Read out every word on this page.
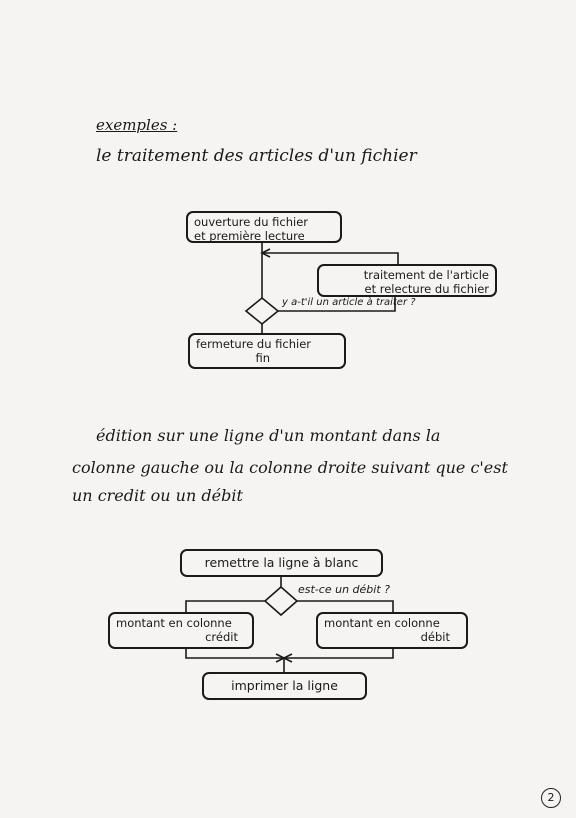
exemples :
le traitement des articles d'un fichier
ouverture du fichier
et première lecture
traitement de l'article
et relecture du fichier
y a-t'il un article à traiter ?
fermeture du fichier
fin
édition sur une ligne d'un montant dans la
colonne gauche ou la colonne droite suivant que c'est
un credit ou un débit
remettre la ligne à blanc
est-ce un débit ?
montant en colonne
crédit
montant en colonne
débit
imprimer la ligne
2
